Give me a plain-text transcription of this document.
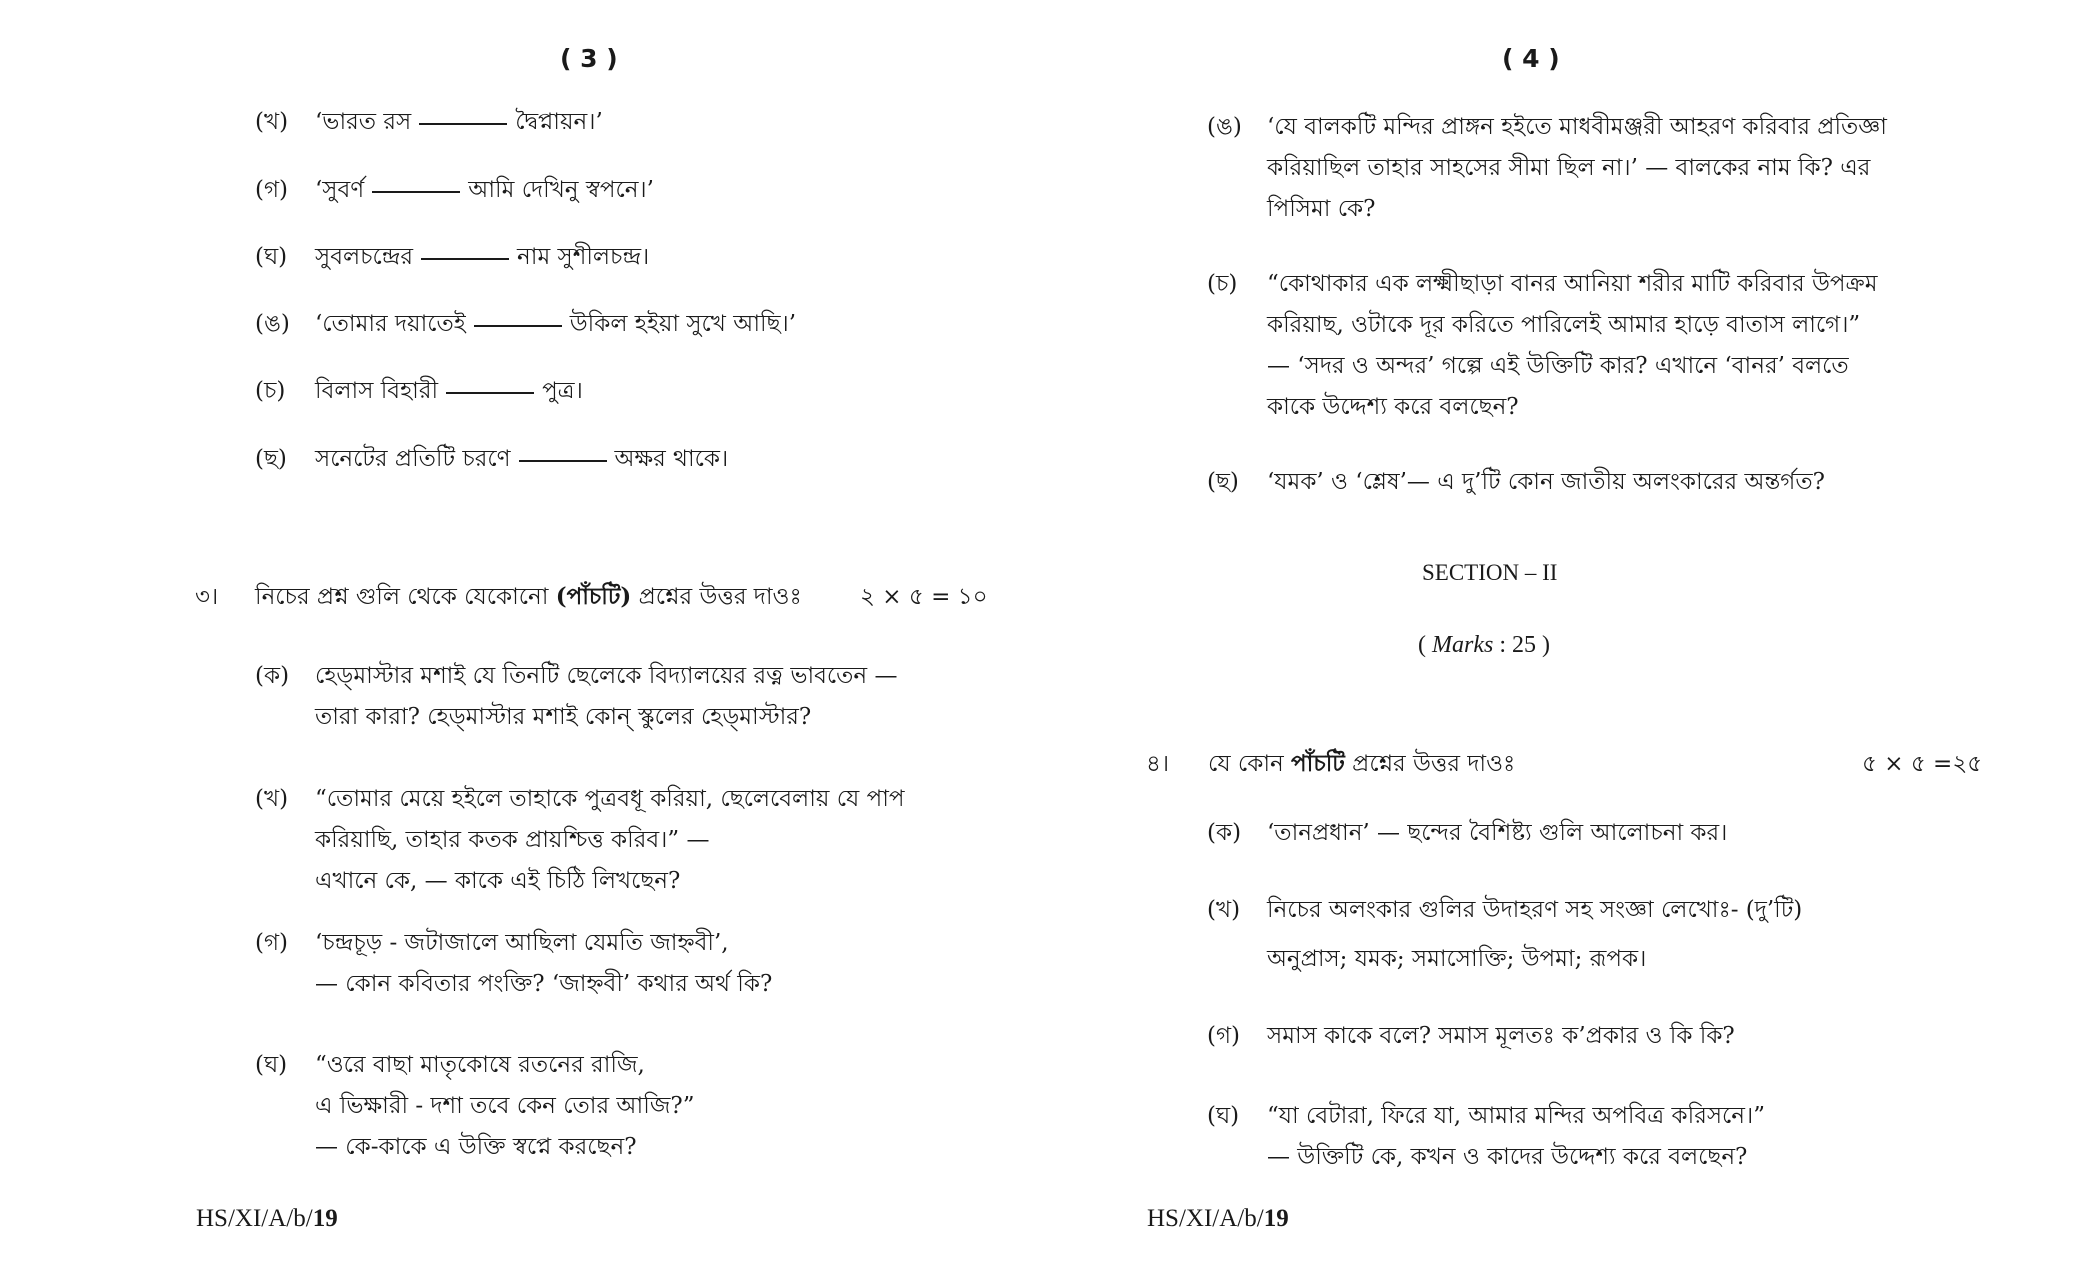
( 3 )
(খ)	‘ভারত রস	দ্বৈপ্নায়ন।’
(গ)	‘সুবর্ণ	আমি দেখিনু স্বপনে।’
(ঘ)	সুবলচন্দ্রের	নাম সুশীলচন্দ্র।
(ঙ)	‘তোমার দয়াতেই	উকিল হইয়া সুখে আছি।’
(চ)	বিলাস বিহারী	পুত্র।
(ছ)	সনেটের প্রতিটি চরণে	অক্ষর থাকে।
৩। নিচের প্রশ্ন গুলি থেকে যেকোনো (পাঁচটি) প্রশ্নের উত্তর দাওঃ	২ × ৫ = ১০
(ক)	হেড্‌মাস্টার মশাই যে তিনটি ছেলেকে বিদ্যালয়ের রত্ন ভাবতেন —
তারা কারা? হেড্‌মাস্টার মশাই কোন্ স্কুলের হেড্‌মাস্টার?
(খ)	“তোমার মেয়ে হইলে তাহাকে পুত্রবধূ করিয়া, ছেলেবেলায় যে পাপ
করিয়াছি, তাহার কতক প্রায়শ্চিত্ত করিব।” —
এখানে কে, — কাকে এই চিঠি লিখছেন?
(গ)	‘চন্দ্রচূড় - জটাজালে আছিলা যেমতি জাহ্নবী’,
— কোন কবিতার পংক্তি? ‘জাহ্নবী’ কথার অর্থ কি?
(ঘ)	“ওরে বাছা মাতৃকোষে রতনের রাজি,
এ ভিক্ষারী - দশা তবে কেন তোর আজি?”
— কে-কাকে এ উক্তি স্বপ্নে করছেন?
HS/XI/A/b/19
( 4 )
(ঙ)	‘যে বালকটি মন্দির প্রাঙ্গন হইতে মাধবীমঞ্জরী আহরণ করিবার প্রতিজ্ঞা
করিয়াছিল তাহার সাহসের সীমা ছিল না।’ — বালকের নাম কি? এর
পিসিমা কে?
(চ)	“কোথাকার এক লক্ষ্মীছাড়া বানর আনিয়া শরীর মাটি করিবার উপক্রম
করিয়াছ, ওটাকে দূর করিতে পারিলেই আমার হাড়ে বাতাস লাগে।”
— ‘সদর ও অন্দর’ গল্পে এই উক্তিটি কার? এখানে ‘বানর’ বলতে
কাকে উদ্দেশ্য করে বলছেন?
(ছ)	‘যমক’ ও ‘শ্লেষ’— এ দু’টি কোন জাতীয় অলংকারের অন্তর্গত?
SECTION – II
( Marks : 25 )
৪। যে কোন পাঁচটি প্রশ্নের উত্তর দাওঃ	৫ × ৫ =২৫
(ক)	‘তানপ্রধান’ — ছন্দের বৈশিষ্ট্য গুলি আলোচনা কর।
(খ)	নিচের অলংকার গুলির উদাহরণ সহ সংজ্ঞা লেখোঃ- (দু’টি)
অনুপ্রাস; যমক; সমাসোক্তি; উপমা; রূপক।
(গ)	সমাস কাকে বলে? সমাস মূলতঃ ক’প্রকার ও কি কি?
(ঘ)	“যা বেটারা, ফিরে যা, আমার মন্দির অপবিত্র করিসনে।”
— উক্তিটি কে, কখন ও কাদের উদ্দেশ্য করে বলছেন?
HS/XI/A/b/19
